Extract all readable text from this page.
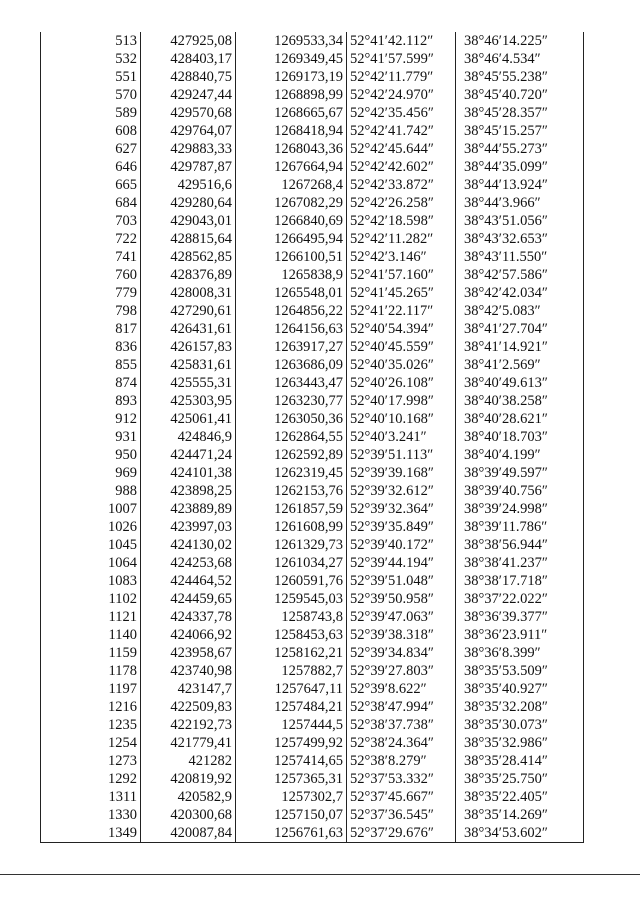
513	427925,08	1269533,34	52°41′42.112″	38°46′14.225″
532	428403,17	1269349,45	52°41′57.599″	38°46′4.534″
551	428840,75	1269173,19	52°42′11.779″	38°45′55.238″
570	429247,44	1268898,99	52°42′24.970″	38°45′40.720″
589	429570,68	1268665,67	52°42′35.456″	38°45′28.357″
608	429764,07	1268418,94	52°42′41.742″	38°45′15.257″
627	429883,33	1268043,36	52°42′45.644″	38°44′55.273″
646	429787,87	1267664,94	52°42′42.602″	38°44′35.099″
665	429516,6	1267268,4	52°42′33.872″	38°44′13.924″
684	429280,64	1267082,29	52°42′26.258″	38°44′3.966″
703	429043,01	1266840,69	52°42′18.598″	38°43′51.056″
722	428815,64	1266495,94	52°42′11.282″	38°43′32.653″
741	428562,85	1266100,51	52°42′3.146″	38°43′11.550″
760	428376,89	1265838,9	52°41′57.160″	38°42′57.586″
779	428008,31	1265548,01	52°41′45.265″	38°42′42.034″
798	427290,61	1264856,22	52°41′22.117″	38°42′5.083″
817	426431,61	1264156,63	52°40′54.394″	38°41′27.704″
836	426157,83	1263917,27	52°40′45.559″	38°41′14.921″
855	425831,61	1263686,09	52°40′35.026″	38°41′2.569″
874	425555,31	1263443,47	52°40′26.108″	38°40′49.613″
893	425303,95	1263230,77	52°40′17.998″	38°40′38.258″
912	425061,41	1263050,36	52°40′10.168″	38°40′28.621″
931	424846,9	1262864,55	52°40′3.241″	38°40′18.703″
950	424471,24	1262592,89	52°39′51.113″	38°40′4.199″
969	424101,38	1262319,45	52°39′39.168″	38°39′49.597″
988	423898,25	1262153,76	52°39′32.612″	38°39′40.756″
1007	423889,89	1261857,59	52°39′32.364″	38°39′24.998″
1026	423997,03	1261608,99	52°39′35.849″	38°39′11.786″
1045	424130,02	1261329,73	52°39′40.172″	38°38′56.944″
1064	424253,68	1261034,27	52°39′44.194″	38°38′41.237″
1083	424464,52	1260591,76	52°39′51.048″	38°38′17.718″
1102	424459,65	1259545,03	52°39′50.958″	38°37′22.022″
1121	424337,78	1258743,8	52°39′47.063″	38°36′39.377″
1140	424066,92	1258453,63	52°39′38.318″	38°36′23.911″
1159	423958,67	1258162,21	52°39′34.834″	38°36′8.399″
1178	423740,98	1257882,7	52°39′27.803″	38°35′53.509″
1197	423147,7	1257647,11	52°39′8.622″	38°35′40.927″
1216	422509,83	1257484,21	52°38′47.994″	38°35′32.208″
1235	422192,73	1257444,5	52°38′37.738″	38°35′30.073″
1254	421779,41	1257499,92	52°38′24.364″	38°35′32.986″
1273	421282	1257414,65	52°38′8.279″	38°35′28.414″
1292	420819,92	1257365,31	52°37′53.332″	38°35′25.750″
1311	420582,9	1257302,7	52°37′45.667″	38°35′22.405″
1330	420300,68	1257150,07	52°37′36.545″	38°35′14.269″
1349	420087,84	1256761,63	52°37′29.676″	38°34′53.602″
